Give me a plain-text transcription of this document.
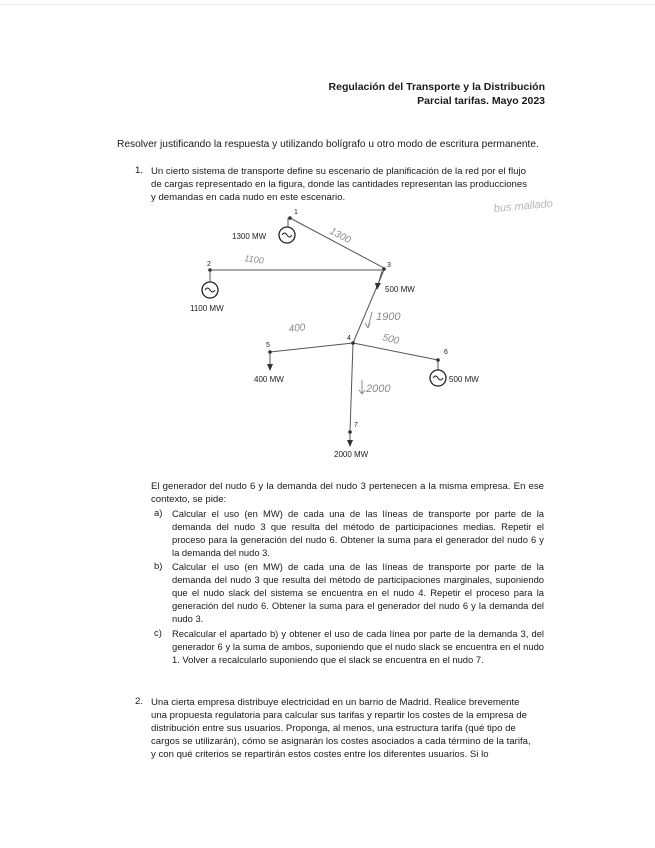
Regulación del Transporte y la Distribución
Parcial tarifas. Mayo 2023
Resolver justificando la respuesta y utilizando bolígrafo u otro modo de escritura permanente.
1. Un cierto sistema de transporte define su escenario de planificación de la red por el flujo
de cargas representado en la figura, donde las cantidades representan las producciones
y demandas en cada nudo en este escenario.
1
2	3
4
5
6
7
1300 MW
1100 MW
500 MW
400 MW	500 MW
2000 MW
1300
1100
1900
400
500
2000
bus mallado
El generador del nudo 6 y la demanda del nudo 3 pertenecen a la misma empresa. En ese contexto, se pide:
a) Calcular el uso (en MW) de cada una de las líneas de transporte por parte de la demanda del nudo 3 que resulta del método de participaciones medias. Repetir el proceso para la generación del nudo 6. Obtener la suma para el generador del nudo 6 y la demanda del nudo 3.
b) Calcular el uso (en MW) de cada una de las líneas de transporte por parte de la demanda del nudo 3 que resulta del método de participaciones marginales, suponiendo que el nudo slack del sistema se encuentra en el nudo 4. Repetir el proceso para la generación del nudo 6. Obtener la suma para el generador del nudo 6 y la demanda del nudo 3.
c) Recalcular el apartado b) y obtener el uso de cada línea por parte de la demanda 3, del generador 6 y la suma de ambos, suponiendo que el nudo slack se encuentra en el nudo 1. Volver a recalcularlo suponiendo que el slack se encuentra en el nudo 7.
2. Una cierta empresa distribuye electricidad en un barrio de Madrid. Realice brevemente
una propuesta regulatoria para calcular sus tarifas y repartir los costes de la empresa de
distribución entre sus usuarios. Proponga, al menos, una estructura tarifa (qué tipo de
cargos se utilizarán), cómo se asignarán los costes asociados a cada término de la tarifa,
y con qué criterios se repartirán estos costes entre los diferentes usuarios. Si lo
